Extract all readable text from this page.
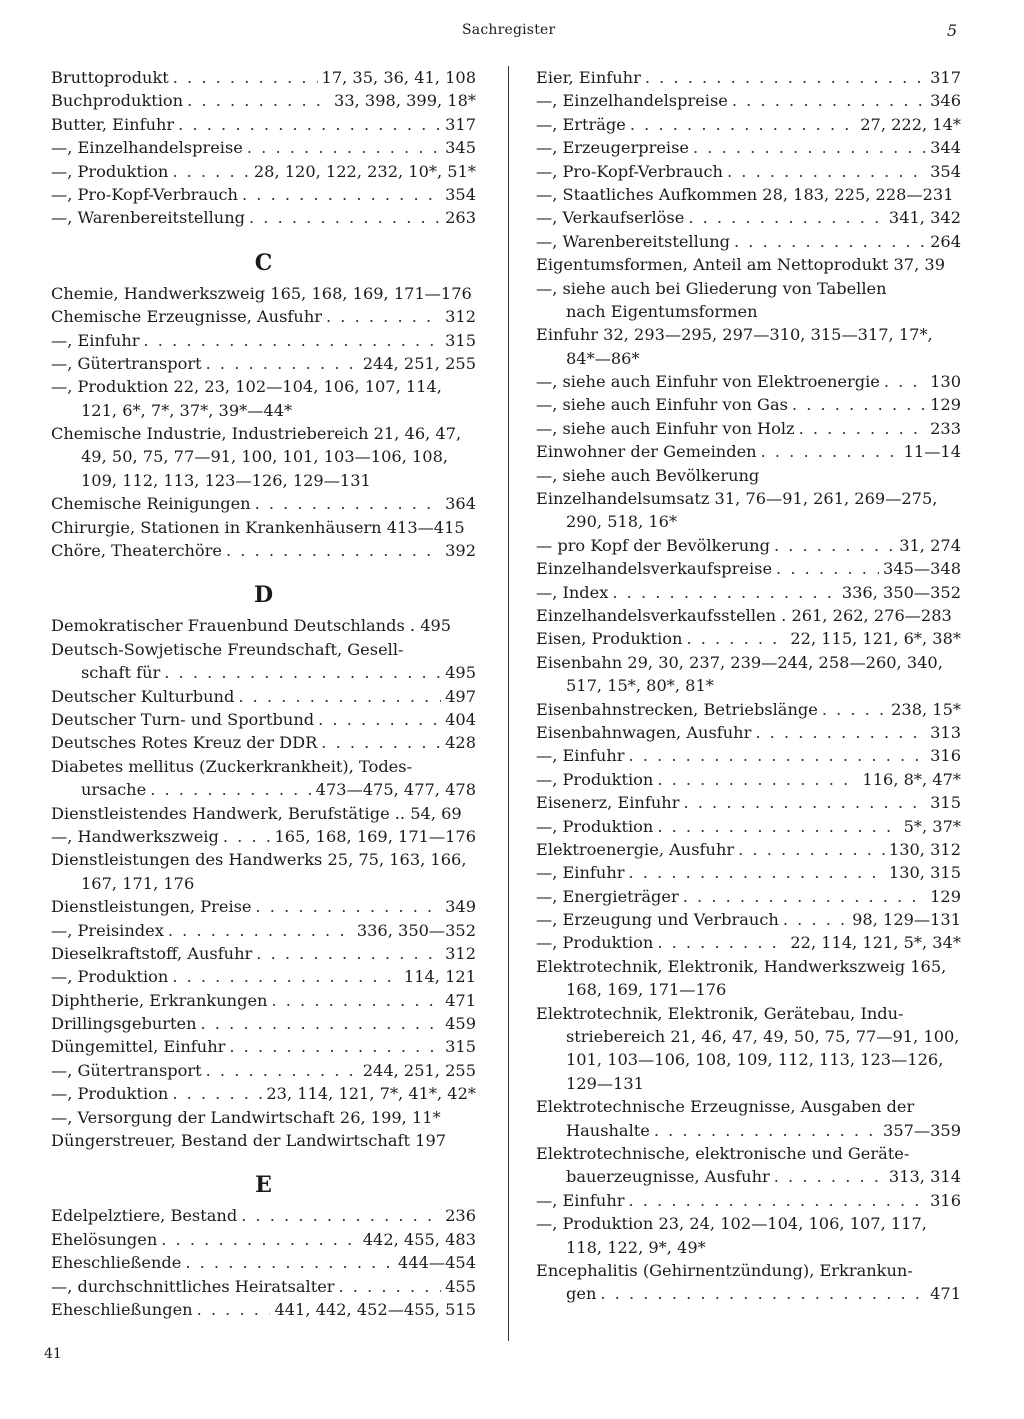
Sachregister	5
Bruttoprodukt . . .	17, 35, 36, 41, 108
Buchproduktion . . .	33, 398, 399, 18*
Butter, Einfuhr . . .	317
—, Einzelhandelspreise . . .	345
—, Produktion . . .	28, 120, 122, 232, 10*, 51*
—, Pro-Kopf-Verbrauch . . .	354
—, Warenbereitstellung . . .	263
C
Chemie, Handwerkszweig 165, 168, 169, 171—176
Chemische Erzeugnisse, Ausfuhr . . .	312
—, Einfuhr . . .	315
—, Gütertransport . . .	244, 251, 255
—, Produktion 22, 23, 102—104, 106, 107, 114,
121, 6*, 7*, 37*, 39*—44*
Chemische Industrie, Industriebereich 21, 46, 47,
49, 50, 75, 77—91, 100, 101, 103—106, 108,
109, 112, 113, 123—126, 129—131
Chemische Reinigungen . . .	364
Chirurgie, Stationen in Krankenhäusern 413—415
Chöre, Theaterchöre . . .	392
D
Demokratischer Frauenbund Deutschlands . 495
Deutsch-Sowjetische Freundschaft, Gesell-
schaft für . . .	495
Deutscher Kulturbund . . .	497
Deutscher Turn- und Sportbund . . .	404
Deutsches Rotes Kreuz der DDR . . .	428
Diabetes mellitus (Zuckerkrankheit), Todes-
ursache . . .	473—475, 477, 478
Dienstleistendes Handwerk, Berufstätige .. 54, 69
—, Handwerkszweig . . .	165, 168, 169, 171—176
Dienstleistungen des Handwerks 25, 75, 163, 166,
167, 171, 176
Dienstleistungen, Preise . . .	349
—, Preisindex . . .	336, 350—352
Dieselkraftstoff, Ausfuhr . . .	312
—, Produktion . . .	114, 121
Diphtherie, Erkrankungen . . .	471
Drillingsgeburten . . .	459
Düngemittel, Einfuhr . . .	315
—, Gütertransport . . .	244, 251, 255
—, Produktion . . .	23, 114, 121, 7*, 41*, 42*
—, Versorgung der Landwirtschaft 26, 199, 11*
Düngerstreuer, Bestand der Landwirtschaft 197
E
Edelpelztiere, Bestand . . .	236
Ehelösungen . . .	442, 455, 483
Eheschließende . . .	444—454
—, durchschnittliches Heiratsalter . . .	455
Eheschließungen . . .	441, 442, 452—455, 515
Eier, Einfuhr . . .	317
—, Einzelhandelspreise . . .	346
—, Erträge . . .	27, 222, 14*
—, Erzeugerpreise . . .	344
—, Pro-Kopf-Verbrauch . . .	354
—, Staatliches Aufkommen 28, 183, 225, 228—231
—, Verkaufserlöse . . .	341, 342
—, Warenbereitstellung . . .	264
Eigentumsformen, Anteil am Nettoprodukt 37, 39
—, siehe auch bei Gliederung von Tabellen
nach Eigentumsformen
Einfuhr 32, 293—295, 297—310, 315—317, 17*,
84*—86*
—, siehe auch Einfuhr von Elektroenergie . . .	130
—, siehe auch Einfuhr von Gas . . .	129
—, siehe auch Einfuhr von Holz . . .	233
Einwohner der Gemeinden . . .	11—14
—, siehe auch Bevölkerung
Einzelhandelsumsatz 31, 76—91, 261, 269—275,
290, 518, 16*
— pro Kopf der Bevölkerung . . .	31, 274
Einzelhandelsverkaufspreise . . .	345—348
—, Index . . .	336, 350—352
Einzelhandelsverkaufsstellen . 261, 262, 276—283
Eisen, Produktion . . .	22, 115, 121, 6*, 38*
Eisenbahn 29, 30, 237, 239—244, 258—260, 340,
517, 15*, 80*, 81*
Eisenbahnstrecken, Betriebslänge . . .	238, 15*
Eisenbahnwagen, Ausfuhr . . .	313
—, Einfuhr . . .	316
—, Produktion . . .	116, 8*, 47*
Eisenerz, Einfuhr . . .	315
—, Produktion . . .	5*, 37*
Elektroenergie, Ausfuhr . . .	130, 312
—, Einfuhr . . .	130, 315
—, Energieträger . . .	129
—, Erzeugung und Verbrauch . . .	98, 129—131
—, Produktion . . .	22, 114, 121, 5*, 34*
Elektrotechnik, Elektronik, Handwerkszweig 165,
168, 169, 171—176
Elektrotechnik, Elektronik, Gerätebau, Indu-
striebereich 21, 46, 47, 49, 50, 75, 77—91, 100,
101, 103—106, 108, 109, 112, 113, 123—126,
129—131
Elektrotechnische Erzeugnisse, Ausgaben der
Haushalte . . .	357—359
Elektrotechnische, elektronische und Geräte-
bauerzeugnisse, Ausfuhr . . .	313, 314
—, Einfuhr . . .	316
—, Produktion 23, 24, 102—104, 106, 107, 117,
118, 122, 9*, 49*
Encephalitis (Gehirnentzündung), Erkrankun-
gen . . .	471
41
